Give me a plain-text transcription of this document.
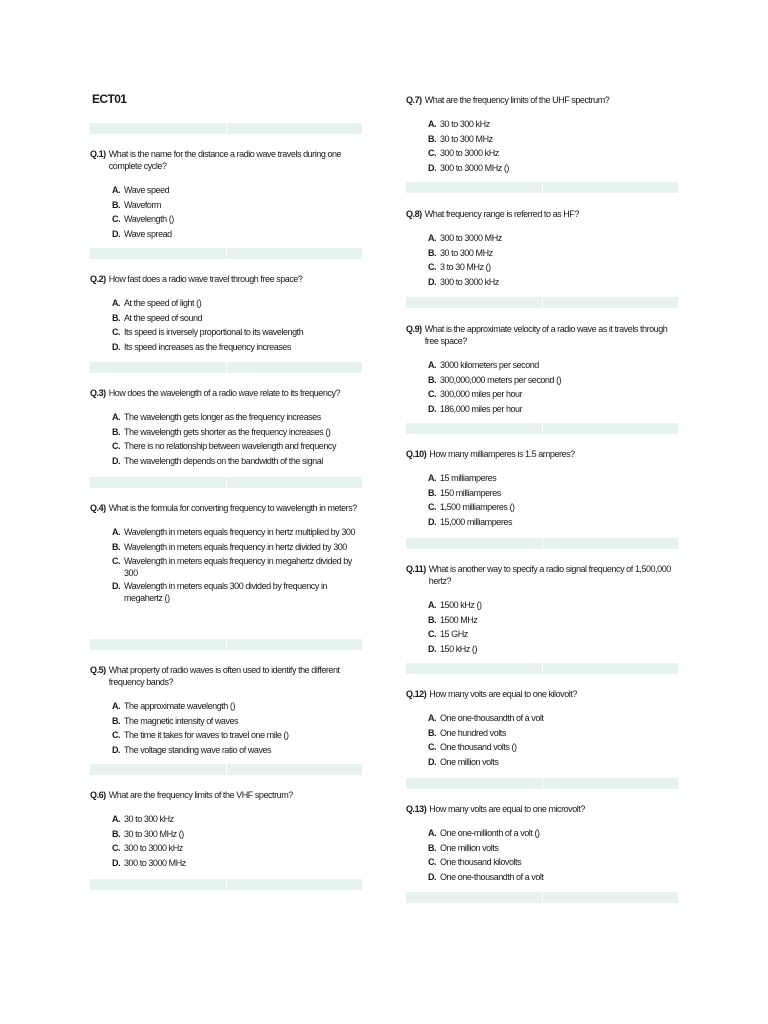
ECT01
Q.1) What is the name for the distance a radio wave travels during one complete cycle?
A. Wave speed
B. Waveform
C. Wavelength ()
D. Wave spread
Q.2) How fast does a radio wave travel through free space?
A. At the speed of light ()
B. At the speed of sound
C. Its speed is inversely proportional to its wavelength
D. Its speed increases as the frequency increases
Q.3) How does the wavelength of a radio wave relate to its frequency?
A. The wavelength gets longer as the frequency increases
B. The wavelength gets shorter as the frequency increases ()
C. There is no relationship between wavelength and frequency
D. The wavelength depends on the bandwidth of the signal
Q.4) What is the formula for converting frequency to wavelength in meters?
A. Wavelength in meters equals frequency in hertz multiplied by 300
B. Wavelength in meters equals frequency in hertz divided by 300
C. Wavelength in meters equals frequency in megahertz divided by 300
D. Wavelength in meters equals 300 divided by frequency in megahertz ()
Q.5) What property of radio waves is often used to identify the different frequency bands?
A. The approximate wavelength ()
B. The magnetic intensity of waves
C. The time it takes for waves to travel one mile ()
D. The voltage standing wave ratio of waves
Q.6) What are the frequency limits of the VHF spectrum?
A. 30 to 300 kHz
B. 30 to 300 MHz ()
C. 300 to 3000 kHz
D. 300 to 3000 MHz
Q.7) What are the frequency limits of the UHF spectrum?
A. 30 to 300 kHz
B. 30 to 300 MHz
C. 300 to 3000 kHz
D. 300 to 3000 MHz ()
Q.8) What frequency range is referred to as HF?
A. 300 to 3000 MHz
B. 30 to 300 MHz
C. 3 to 30 MHz ()
D. 300 to 3000 kHz
Q.9) What is the approximate velocity of a radio wave as it travels through free space?
A. 3000 kilometers per second
B. 300,000,000 meters per second ()
C. 300,000 miles per hour
D. 186,000 miles per hour
Q.10) How many milliamperes is 1.5 amperes?
A. 15 milliamperes
B. 150 milliamperes
C. 1,500 milliamperes ()
D. 15,000 milliamperes
Q.11) What is another way to specify a radio signal frequency of 1,500,000 hertz?
A. 1500 kHz ()
B. 1500 MHz
C. 15 GHz
D. 150 kHz ()
Q.12) How many volts are equal to one kilovolt?
A. One one-thousandth of a volt
B. One hundred volts
C. One thousand volts ()
D. One million volts
Q.13) How many volts are equal to one microvolt?
A. One one-millionth of a volt ()
B. One million volts
C. One thousand kilovolts
D. One one-thousandth of a volt
